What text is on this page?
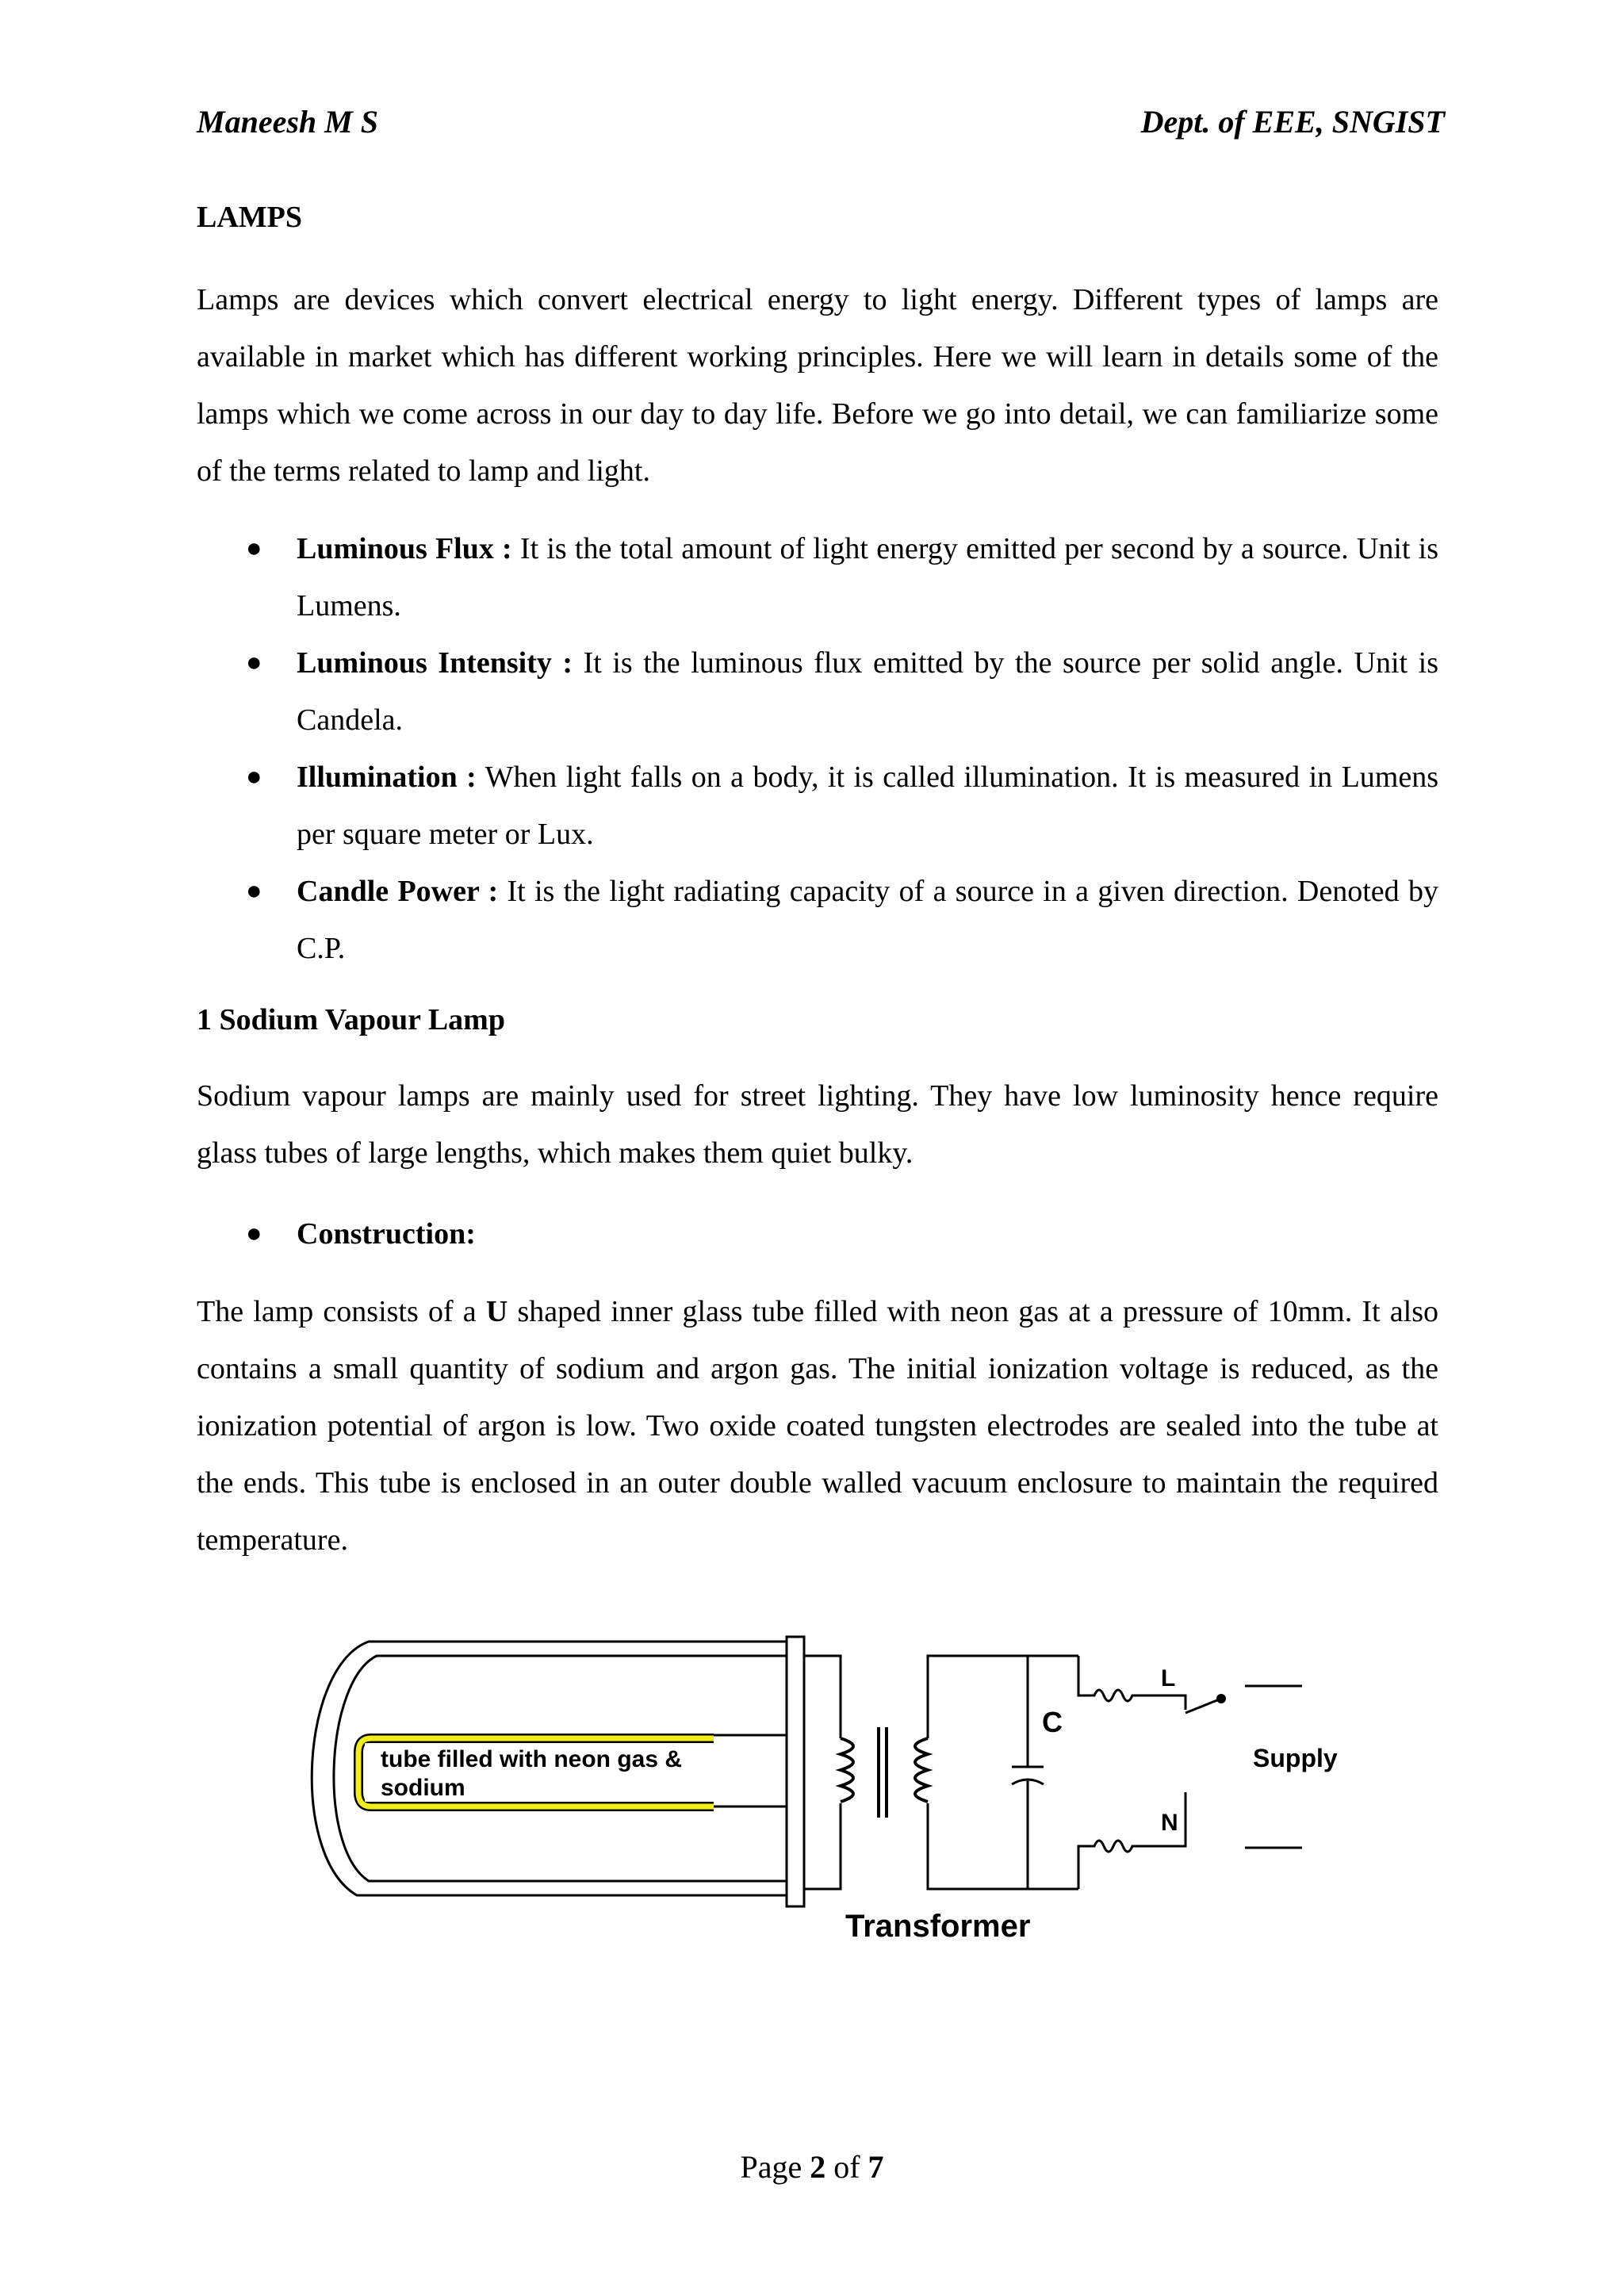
Maneesh M S	Dept. of EEE, SNGIST
LAMPS

Lamps are devices which convert electrical energy to light energy. Different types of lamps are available in market which has different working principles. Here we will learn in details some of the lamps which we come across in our day to day life. Before we go into detail, we can familiarize some of the terms related to lamp and light.

● Luminous Flux : It is the total amount of light energy emitted per second by a source. Unit is Lumens.
● Luminous Intensity : It is the luminous flux emitted by the source per solid angle. Unit is Candela.
● Illumination : When light falls on a body, it is called illumination. It is measured in Lumens per square meter or Lux.
● Candle Power : It is the light radiating capacity of a source in a given direction. Denoted by C.P.
1 Sodium Vapour Lamp

Sodium vapour lamps are mainly used for street lighting. They have low luminosity hence require glass tubes of large lengths, which makes them quiet bulky.

● Construction:

The lamp consists of a U shaped inner glass tube filled with neon gas at a pressure of 10mm. It also contains a small quantity of sodium and argon gas. The initial ionization voltage is reduced, as the ionization potential of argon is low. Two oxide coated tungsten electrodes are sealed into the tube at the ends. This tube is enclosed in an outer double walled vacuum enclosure to maintain the required temperature.

tube filled with neon gas &
sodium
C
L
N
Supply
Transformer
Page 2 of 7
